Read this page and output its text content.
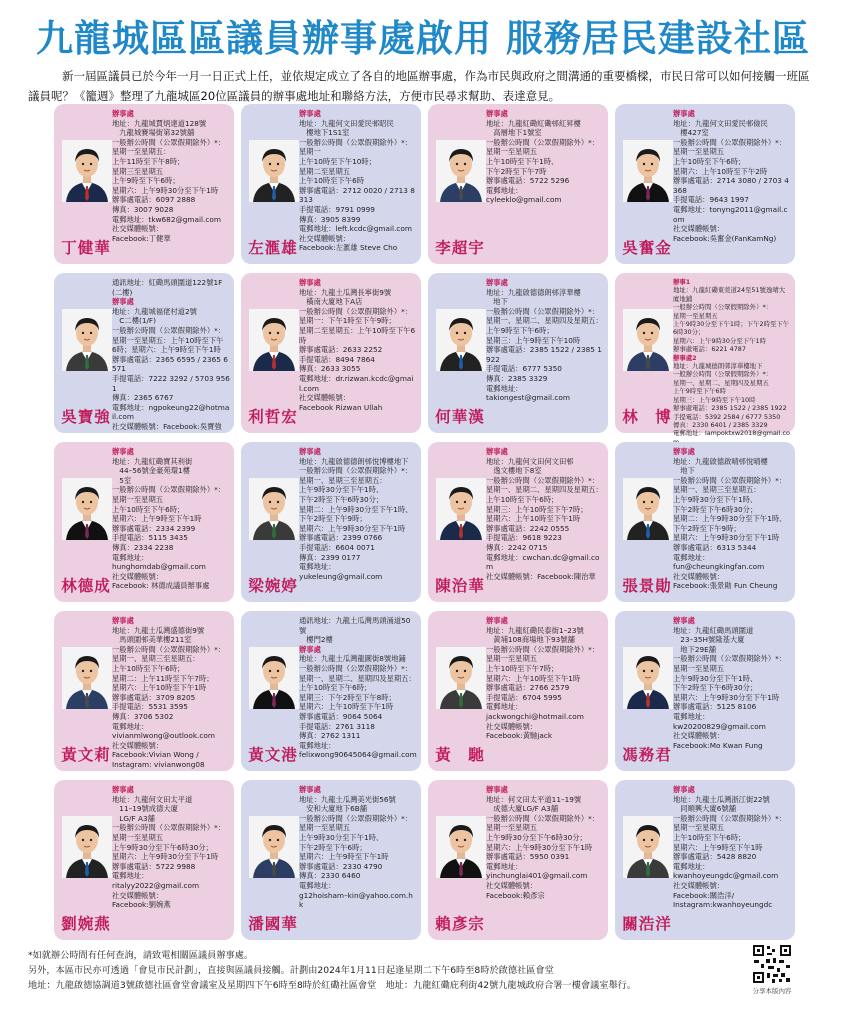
九龍城區區議員辦事處啟用 服務居民建設社區
新一屆區議員已於今年一月一日正式上任，並依規定成立了各自的地區辦事處，作為市民與政府之間溝通的重要橋樑，市民日常可以如何接觸一班區議員呢？《籠週》整理了九龍城區20位區議員的辦事處地址和聯絡方法，方便市民尋求幫助、表達意見。
辦事處
地址：九龍城賈炳達道128號
　九龍城賽場街第32號舖
一般辦公時間（公眾假期除外）*：
星期一至星期五：
上午11時至下午8時；
星期三至星期五
上午9時至下午6時；
星期六：上午9時30分至下午1時
辦事處電話：6097 2888
傳真：3007 9028
電郵地址：tkw682@gmail.com
社交媒體帳號：
Facebook:丁健華
丁健華
辦事處
地址：九龍何文田愛民邨昭民
　樓地下1S1室
一般辦公時間（公眾假期除外）*：
星期一
上午10時至下午10時；
星期二至星期五
上午10時至下午6時
辦事處電話：2712 0020 / 2713 8313
手提電話：9791 0999
傳真：3905 8399
電郵地址：left.kcdc@gmail.com
社交媒體帳號：
Facebook:左滙雄 Steve Cho
左滙雄
辦事處
地址：九龍紅磡紅磡邨紅昇樓
　高層地下1號室
一般辦公時間（公眾假期除外）*：
星期一至星期五
上午10時至下午1時、
下午2時至下午7時
辦事處電話：5722 5296
電郵地址：
cyleeklo@gmail.com
李超宇
辦事處
地址：九龍何文田愛民邨儉民
　樓427室
一般辦公時間（公眾假期除外）*：
星期一至星期五
上午10時至下午6時；
星期六：上午10時至下午2時
辦事處電話：2714 3080 / 2703 4368
手提電話：9643 1997
電郵地址：tonyng2011@gmail.com
社交媒體帳號：
Facebook:吳奮金(FanKamNg)
吳奮金
通訊地址：紅磡馬頭圍道122號1F(二樓)
辦事處
地址：九龍城福佬村道2號
　C二樓(1/F)
一般辦公時間（公眾假期除外）*：
星期一至星期五：上午10時至下午
6時；星期六：上午9時至下午1時
辦事處電話：2365 6595 / 2365 6571
手提電話：7222 3292 / 5703 9561
傳真：2365 6767
電郵地址：ngpokeung22@hotmail.com
社交媒體帳號：Facebook:吳寶強
吳寶強
辦事處
地址：九龍土瓜灣長寧街9號
　橫南大廈地下A店
一般辦公時間（公眾假期除外）*：
星期一：下午1時至下午9時；
星期二至星期五：上午10時至下午6時
辦事處電話：2633 2252
手提電話：8494 7864
傳真：2633 3055
電郵地址：dr.rizwan.kcdc@gmail.com
社交媒體帳號：
Facebook Rizwan Ullah
利哲宏
辦事處
地址：九龍啟德德朗邨淳華樓
　地下
一般辦公時間（公眾假期除外）*：
星期一、星期二、星期四及星期五：
上午9時至下午6時；
星期三：上午9時至下午10時
辦事處電話：2385 1522 / 2385 1922
手提電話：6777 5350
傳真：2385 3329
電郵地址：
takiongest@gmail.com
何華漢
辦事1
地址：九龍紅磡東莞道24至51號逸晴大廈地鋪
一般辦公時間（公眾假期除外）*：
星期一至星期五
上午9時30分至下午1時；下午2時至下午6時30分；
星期六：上午9時30分至下午1時
辦事處電話：6221 4787
辦事處2
地址：九龍城德朗邨淳華樓地下
一般辦公時間（公眾假期除外）*：
星期一、星期二、星期四及星期五
上午9時至下午6時
星期三：上午9時至下午10時
辦事處電話：2385 1522 / 2385 1922
手提電話：5392 2584 / 6777 5350
傳真：2330 6401 / 2385 3329
電郵地址：lampoktxw2018@gmail.co
林　博
辦事處
地址：九龍紅磡寶其利街
　44–56號金豪苑環1樓
　5室
一般辦公時間（公眾假期除外）*：
星期一至星期五
上午10時至下午6時；
星期六：上午9時至下午1時
辦事處電話：2334 2399
手提電話：5115 3435
傳真：2334 2238
電郵地址：
hunghomdab@gmail.com
社交媒體帳號：
Facebook: 林德成議員辦事處
林德成
辦事處
地址：九龍啟德德朗邨悅博樓地下
一般辦公時間（公眾假期除外）*：
星期一、星期三至星期五：
上午9時30分至下午1時、
下午2時至下午6時30分；
星期二：上午9時30分至下午1時、
下午2時至下午9時；
星期六：上午9時30分至下午1時
辦事處電話：2399 0766
手提電話：6604 0071
傳真：2399 0177
電郵地址：
yukeleung@gmail.com
梁婉婷
辦事處
地址：九龍何文田何文田邨
　逸文樓地下8室
一般辦公時間（公眾假期除外）*：
星期一、星期二、星期四及星期五：
上午10時至下午6時；
星期三：上午10時至下午7時；
星期六：上午10時至下午1時
辦事處電話：2242 0555
手提電話：9618 9223
傳真：2242 0715
電郵地址：cwchan.dc@gmail.com
社交媒體帳號：Facebook:陳治華
陳治華
辦事處
地址：九龍啟德啟晴邨悅晴樓
　地下
一般辦公時間（公眾假期除外）*：
星期一、星期三至星期五：
上午9時30分至下午1時、
下午2時至下午6時30分；
星期二：上午9時30分至下午1時、
下午2時至下午9時；
星期六：上午9時30分至下午1時
辦事處電話：6313 5344
電郵地址：
fun@cheungkingfan.com
社交媒體帳號：
Facebook:張景勛 Fun Cheung
張景勛
辦事處
地址：九龍土瓜灣盛德街9號
　馬頭圍邨美華樓211室
一般辦公時間（公眾假期除外）*：
星期一、星期三至星期五：
上午10時至下午6時；
星期二：上午11時至下午7時；
星期六：上午10時至下午1時
辦事處電話：3709 8205
手提電話：5531 3595
傳真：3706 5302
電郵地址：
vivianmlwong@outlook.com
社交媒體帳號：
Facebook:Vivian Wong /
Instagram: vivianwong08
黃文莉
通訊地址：九龍土瓜灣馬頭涌道50號
　樓門2樓
辦事處
地址：九龍土瓜灣龍圖街8號地鋪
一般辦公時間（公眾假期除外）*：
星期一、星期二、星期四及星期五：
上午10時至下午6時；
星期三：下午2時至下午8時；
星期六：上午10時至下午1時
辦事處電話：9064 5064
手提電話：2761 3118
傳真：2762 1311
電郵地址：
felixwong90645064@gmail.com
黃文港
辦事處
地址：九龍紅磡民泰街1–23號
　黃埔108商場地下93號舖
一般辦公時間（公眾假期除外）*：
星期一至星期五
上午10時至下午7時；
星期六：上午10時至下午1時
辦事處電話：2766 2579
手提電話：6704 5995
電郵地址：
jackwongchi@hotmail.com
社交媒體帳號：
Facebook:黃馳jack
黃　馳
辦事處
地址：九龍紅磡馬頭圍道
　23–35H號隆基大廈
　地下29E舖
一般辦公時間（公眾假期除外）*：
星期一至星期五
上午9時30分至下午1時、
下午2時至下午6時30分；
星期六：上午9時30分至下午1時
辦事處電話：5125 8106
電郵地址：
kw20200829@gmail.com
社交媒體帳號：
Facebook:Mo Kwan Fung
馮務君
辦事處
地址：九龍何文田太平道
　11–19號成德大廈
　LG/F A3舖
一般辦公時間（公眾假期除外）*：
星期一至星期五
上午9時30分至下午6時30分；
星期六：上午9時30分至下午1時
辦事處電話：5722 9988
電郵地址：
ritalyy2022@gmail.com
社交媒體帳號：
Facebook:劉婉燕
劉婉燕
辦事處
地址：九龍土瓜灣美光街56號
　安和大廈地下6B舖
一般辦公時間（公眾假期除外）*：
星期一至星期五
上午9時30分至下午1時、
下午2時至下午6時；
星期六：上午9時至下午1時
辦事處電話：2330 4790
傳真：2330 6460
電郵地址：
g12hoisham–kin@yahoo.com.hk
潘國華
辦事處
地址：何文田太平道11–19號
　成德大廈LG/F A3舖
一般辦公時間（公眾假期除外）*：
星期一至星期五
上午9時30分至下午6時30分；
星期六：上午9時30分至下午1時
辦事處電話：5950 0391
電郵地址：
yinchunglai401@gmail.com
社交媒體帳號：
Facebook:賴彥宗
賴彥宗
辦事處
地址：九龍土瓜灣浙江街22號
　同順興大廈6號舖
一般辦公時間（公眾假期除外）*：
星期一至星期五
上午10時至下午6時；
星期六：上午9時至下午1時
辦事處電話：5428 8820
電郵地址：
kwanhoyeungdc@gmail.com
社交媒體帳號：
Facebook:關浩洋/
Instagram:kwanhoyeungdc
關浩洋
*如就辦公時間有任何查詢，請致電相關區議員辦事處。
另外，本區市民亦可透過「會見市民計劃」，直接與區議員接觸。計劃由2024年1月11日起逢星期二下午6時至8時於啟德社區會堂
地址：九龍啟德協調道3號啟德社區會堂會議室及星期四下午6時至8時於紅磡社區會堂　地址：九龍紅磡庇利街42號九龍城政府合署一樓會議室舉行。	分享本版內容
